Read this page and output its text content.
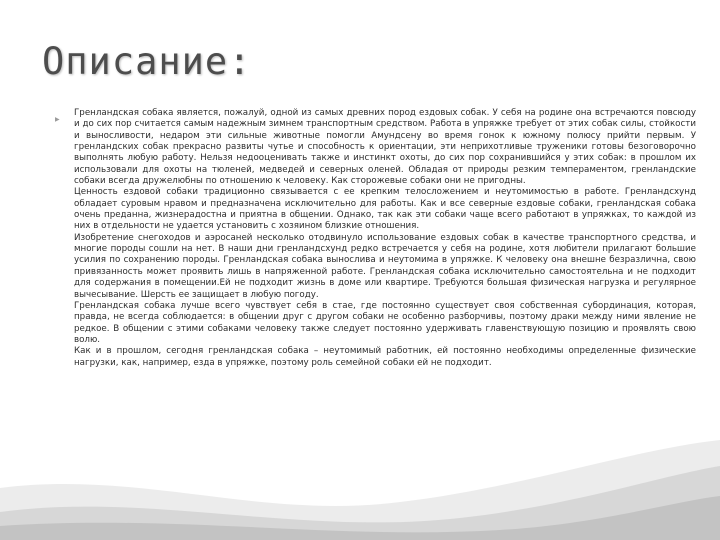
Описание:
▶

Гренландская собака является, пожалуй, одной из самых древних пород ездовых собак. У себя на родине она встречаются повсюду и до сих пор считается самым надежным зимнем транспортным средством. Работа в упряжке требует от этих собак силы, стойкости и выносливости, недаром эти сильные животные помогли Амундсену во время гонок к южному полюсу прийти первым. У гренландских собак прекрасно развиты чутье и способность к ориентации, эти неприхотливые труженики готовы безоговорочно выполнять любую работу. Нельзя недооценивать также и инстинкт охоты, до сих пор сохранившийся у этих собак: в прошлом их использовали для охоты на тюленей, медведей и северных оленей. Обладая от природы резким темпераментом, гренландские собаки всегда дружелюбны по отношению к человеку. Как сторожевые собаки они не пригодны.

Ценность ездовой собаки традиционно связывается с ее крепким телосложением и неутомимостью в работе. Гренландсхунд обладает суровым нравом и предназначена исключительно для работы. Как и все северные ездовые собаки, гренландская собака очень преданна, жизнерадостна и приятна в общении. Однако, так как эти собаки чаще всего работают в упряжках, то каждой из них в отдельности не удается установить с хозяином близкие отношения.

Изобретение снегоходов и аэросаней несколько отодвинуло использование ездовых собак в качестве транспортного средства, и многие породы сошли на нет. В наши дни гренландсхунд редко встречается у себя на родине, хотя любители прилагают большие усилия по сохранению породы. Гренландская собака вынослива и неутомима в упряжке. К человеку она внешне безразлична, свою привязанность может проявить лишь в напряженной работе. Гренландская собака исключительно самостоятельна и не подходит для содержания в помещении.Ей не подходит жизнь в доме или квартире. Требуются большая физическая нагрузка и регулярное вычесывание. Шерсть ее защищает в любую погоду.

Гренландская собака лучше всего чувствует себя в стае, где постоянно существует своя собственная субординация, которая, правда, не всегда соблюдается: в общении друг с другом собаки не особенно разборчивы, поэтому драки между ними явление не редкое. В общении с этими собаками человеку также следует постоянно удерживать главенствующую позицию и проявлять свою волю.

Как и в прошлом, сегодня гренландская собака – неутомимый работник, ей постоянно необходимы определенные физические нагрузки, как, например, езда в упряжке, поэтому роль семейной собаки ей не подходит.
